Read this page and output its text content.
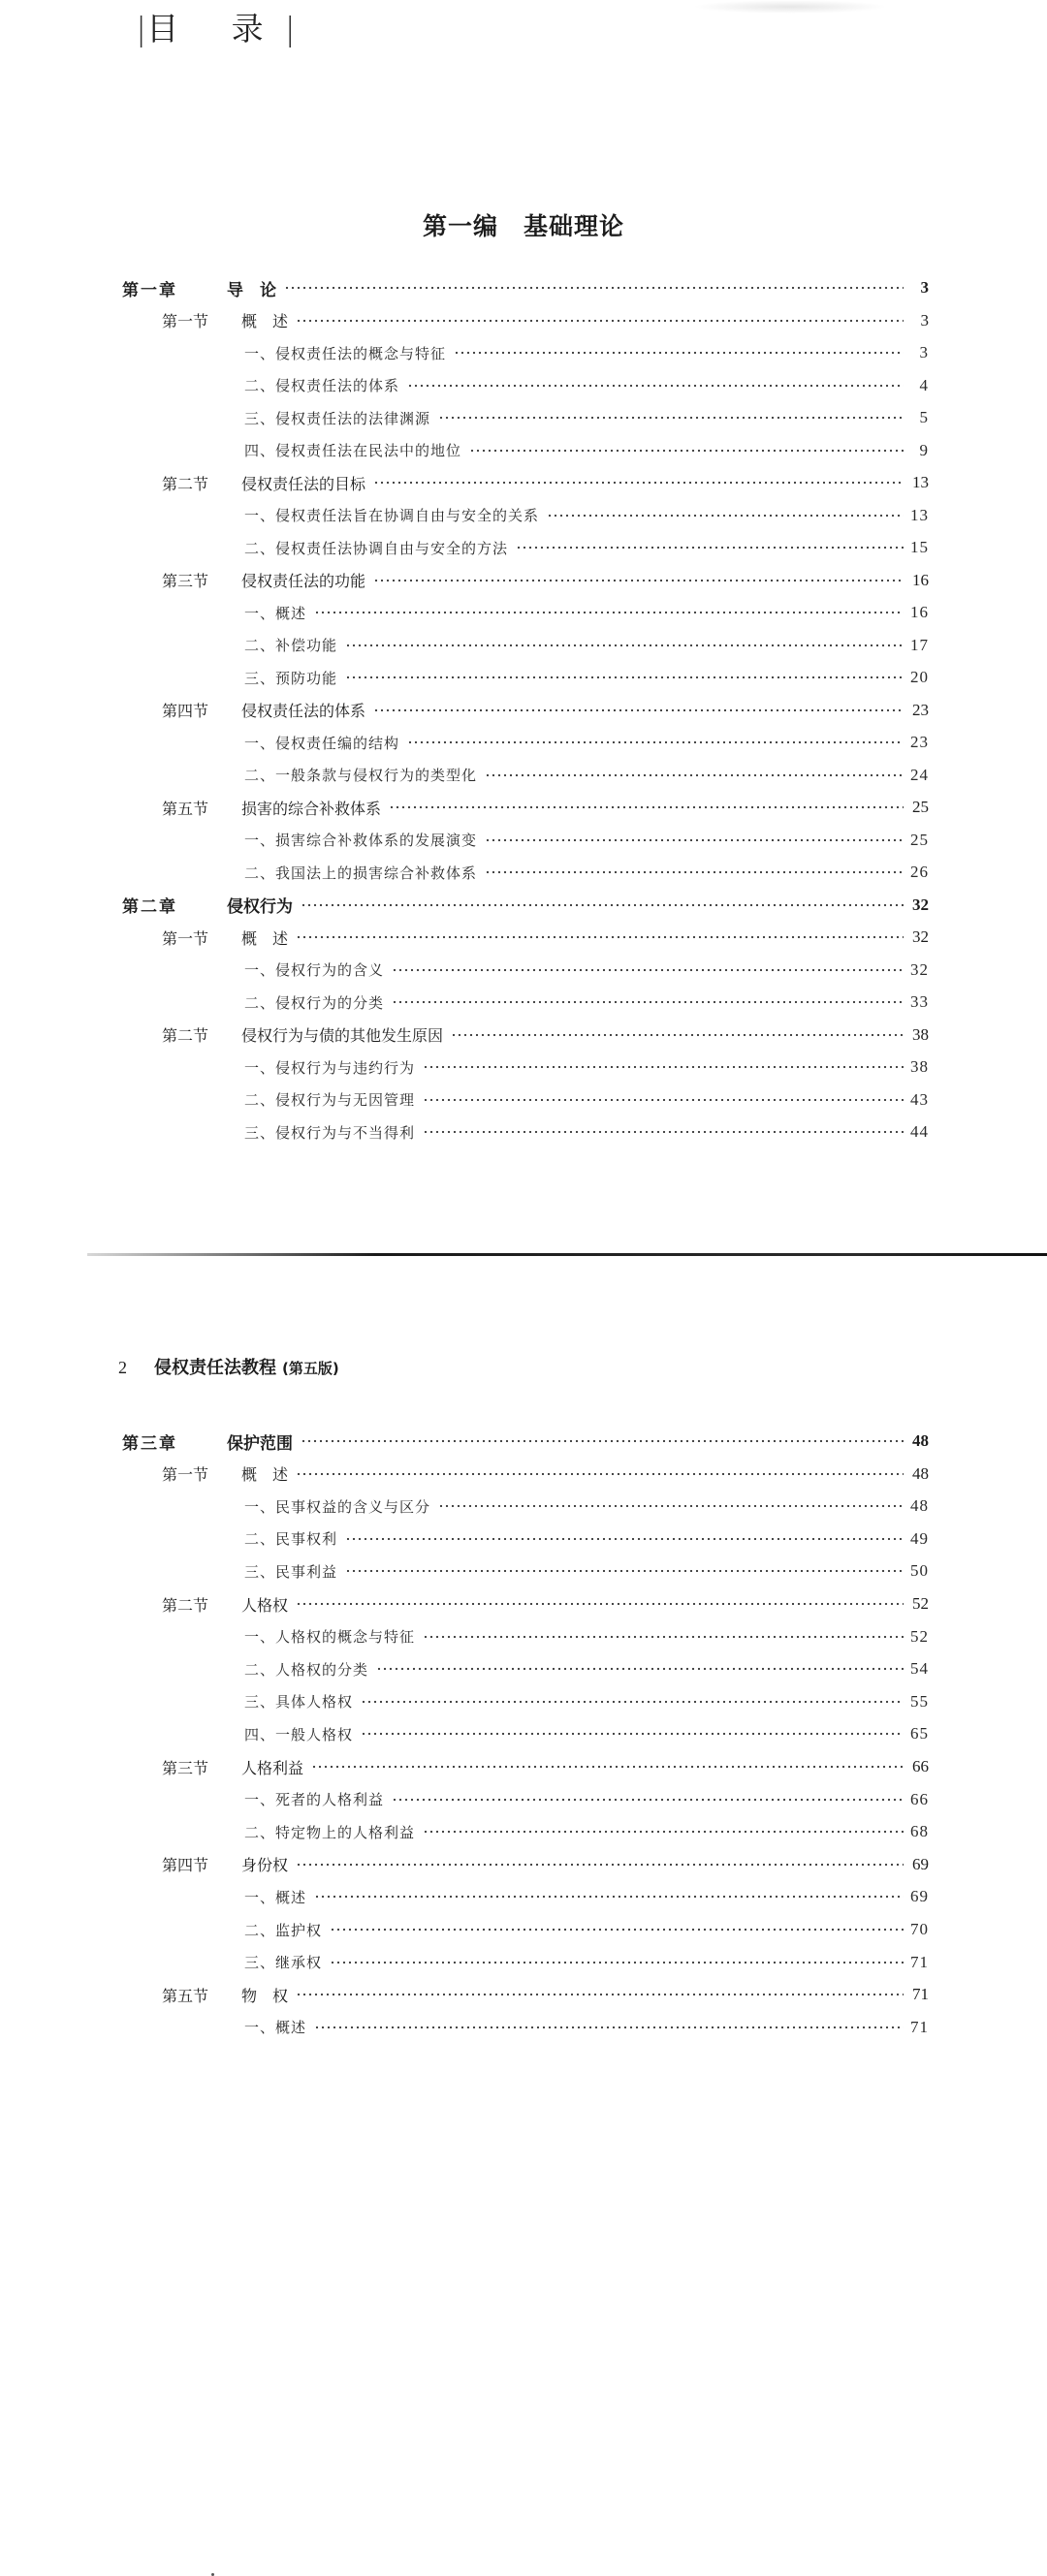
|目 录|
第一编　基础理论
第一章	导　论	3
第一节 概　述	3
一、侵权责任法的概念与特征	3
二、侵权责任法的体系	4
三、侵权责任法的法律渊源	5
四、侵权责任法在民法中的地位	9
第二节 侵权责任法的目标	13
一、侵权责任法旨在协调自由与安全的关系	13
二、侵权责任法协调自由与安全的方法	15
第三节 侵权责任法的功能	16
一、概述	16
二、补偿功能	17
三、预防功能	20
第四节 侵权责任法的体系	23
一、侵权责任编的结构	23
二、一般条款与侵权行为的类型化	24
第五节 损害的综合补救体系	25
一、损害综合补救体系的发展演变	25
二、我国法上的损害综合补救体系	26
第二章	侵权行为	32
第一节 概　述	32
一、侵权行为的含义	32
二、侵权行为的分类	33
第二节 侵权行为与债的其他发生原因	38
一、侵权行为与违约行为	38
二、侵权行为与无因管理	43
三、侵权行为与不当得利	44
第三章	保护范围	48
第一节 概　述	48
一、民事权益的含义与区分	48
二、民事权利	49
三、民事利益	50
第二节 人格权	52
一、人格权的概念与特征	52
二、人格权的分类	54
三、具体人格权	55
四、一般人格权	65
第三节 人格利益	66
一、死者的人格利益	66
二、特定物上的人格利益	68
第四节 身份权	69
一、概述	69
二、监护权	70
三、继承权	71
第五节 物　权	71
一、概述	71
2 侵权责任法教程 (第五版)
